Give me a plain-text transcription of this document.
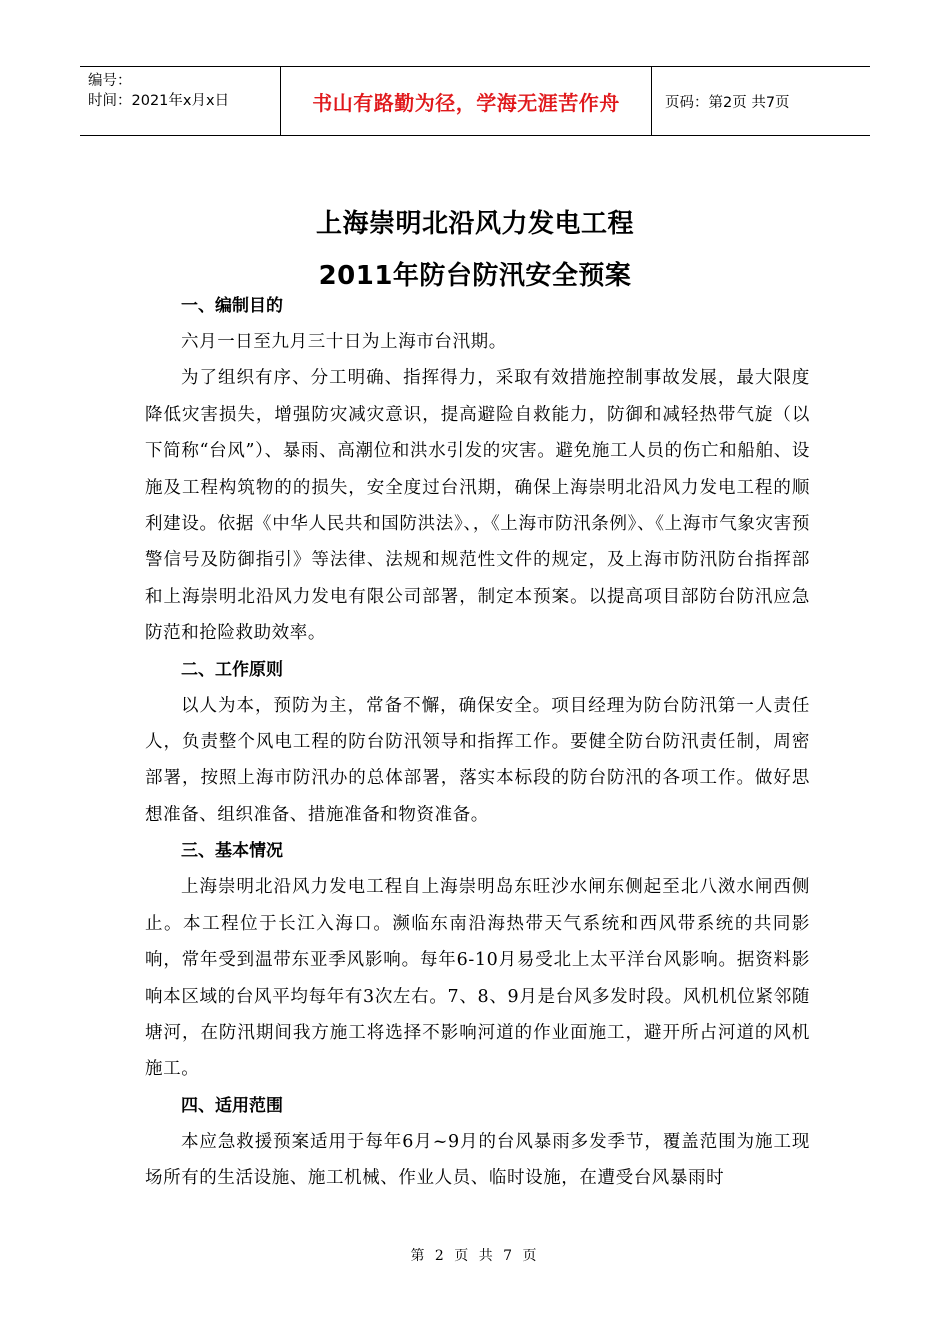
编号：
时间：2021年x月x日	书山有路勤为径，学海无涯苦作舟	页码：第2页 共7页
上海崇明北沿风力发电工程
2011年防台防汛安全预案

一、编制目的

六月一日至九月三十日为上海市台汛期。

为了组织有序、分工明确、指挥得力，采取有效措施控制事故发展，最大限度降低灾害损失，增强防灾减灾意识，提高避险自救能力，防御和减轻热带气旋（以下简称“台风”）、暴雨、高潮位和洪水引发的灾害。避免施工人员的伤亡和船舶、设施及工程构筑物的的损失，安全度过台汛期，确保上海崇明北沿风力发电工程的顺利建设。依据《中华人民共和国防洪法》、，《上海市防汛条例》、《上海市气象灾害预警信号及防御指引》等法律、法规和规范性文件的规定，及上海市防汛防台指挥部和上海崇明北沿风力发电有限公司部署，制定本预案。以提高项目部防台防汛应急防范和抢险救助效率。

二、工作原则

以人为本，预防为主，常备不懈，确保安全。项目经理为防台防汛第一人责任人，负责整个风电工程的防台防汛领导和指挥工作。要健全防台防汛责任制，周密部署，按照上海市防汛办的总体部署，落实本标段的防台防汛的各项工作。做好思想准备、组织准备、措施准备和物资准备。

三、基本情况

上海崇明北沿风力发电工程自上海崇明岛东旺沙水闸东侧起至北八滧水闸西侧止。本工程位于长江入海口。濒临东南沿海热带天气系统和西风带系统的共同影响，常年受到温带东亚季风影响。每年6-10月易受北上太平洋台风影响。据资料影响本区域的台风平均每年有3次左右。7、8、9月是台风多发时段。风机机位紧邻随塘河，在防汛期间我方施工将选择不影响河道的作业面施工，避开所占河道的风机施工。

四、适用范围

本应急救援预案适用于每年6月~9月的台风暴雨多发季节，覆盖范围为施工现场所有的生活设施、施工机械、作业人员、临时设施，在遭受台风暴雨时

第 2 页 共 7 页
